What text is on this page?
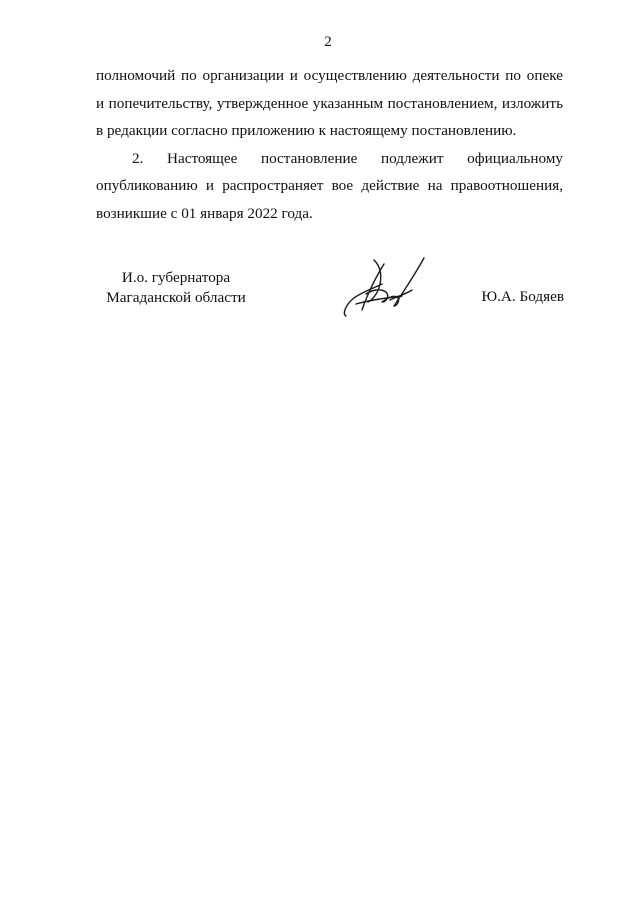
2

полномочий по организации и осуществлению деятельности по опеке
и попечительству, утвержденное указанным постановлением, изложить
в редакции согласно приложению к настоящему постановлению.

2. Настоящее постановление подлежит официальному
опубликованию и распространяет вое действие на правоотношения,
возникшие с 01 января 2022 года.

И.о. губернатора
Магаданской области	Ю.А. Бодяев
